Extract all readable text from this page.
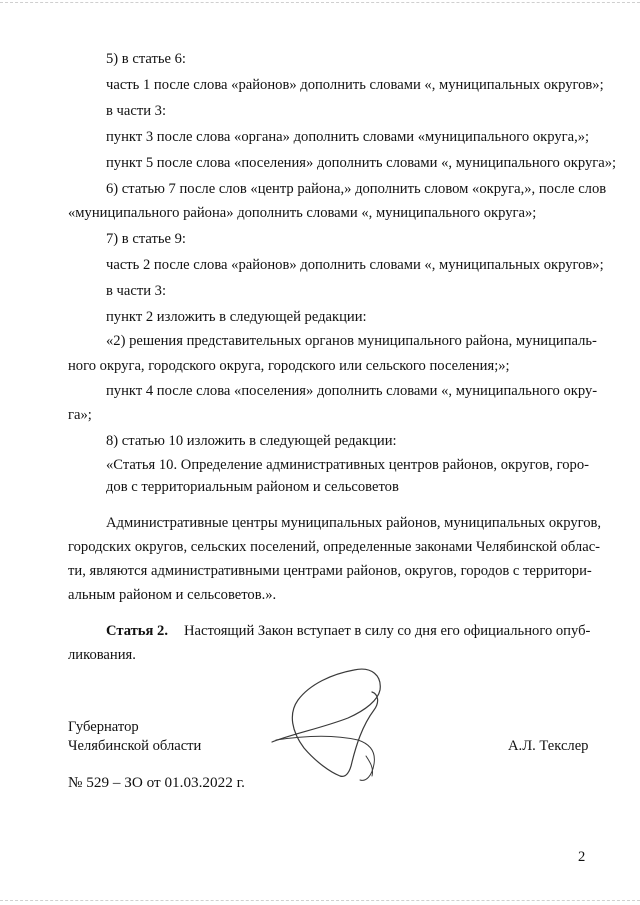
5) в статье 6:
часть 1 после слова «районов» дополнить словами «, муниципальных округов»;
в части 3:
пункт 3 после слова «органа» дополнить словами «муниципального округа,»;
пункт 5 после слова «поселения» дополнить словами «, муниципального округа»;
6) статью 7 после слов «центр района,» дополнить словом «округа,», после слов
«муниципального района» дополнить словами «, муниципального округа»;
7) в статье 9:
часть 2 после слова «районов» дополнить словами «, муниципальных округов»;
в части 3:
пункт 2 изложить в следующей редакции:
«2) решения представительных органов муниципального района, муниципаль-
ного округа, городского округа, городского или сельского поселения;»;
пункт 4 после слова «поселения» дополнить словами «, муниципального окру-
га»;
8) статью 10 изложить в следующей редакции:
«Статья 10. Определение административных центров районов, округов, горо-
дов с территориальным районом и сельсоветов
Административные центры муниципальных районов, муниципальных округов,
городских округов, сельских поселений, определенные законами Челябинской облас-
ти, являются административными центрами районов, округов, городов с территори-
альным районом и сельсоветов.».
Статья 2. Настоящий Закон вступает в силу со дня его официального опуб-
ликования.
Губернатор
Челябинской области	А.Л. Текслер
№ 529 – ЗО от 01.03.2022 г.
2
